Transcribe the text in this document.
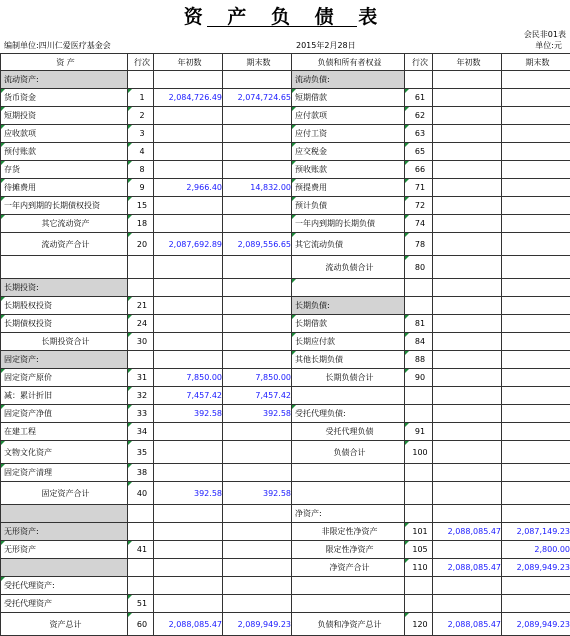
资 产 负 债 表
会民非01表
编制单位:四川仁爱医疗基金会	2015年2月28日	单位:元
资 产	行次	年初数	期末数	负债和所有者权益	行次	年初数	期末数
流动资产:				流动负债:			
货币资金	1	2,084,726.49	2,074,724.65	短期借款	61		
短期投资	2			应付款项	62		
应收款项	3			应付工资	63		
预付账款	4			应交税金	65		
存货	8			预收账款	66		
待摊费用	9	2,966.40	14,832.00	预提费用	71		
一年内到期的长期债权投资	15			预计负债	72		
其它流动资产	18			一年内到期的长期负债	74		
流动资产合计	20	2,087,692.89	2,089,556.65	其它流动负债	78		
				流动负债合计	80		
长期投资:							
长期股权投资	21			长期负债:			
长期债权投资	24			长期借款	81		
长期投资合计	30			长期应付款	84		
固定资产:				其他长期负债	88		
固定资产原价	31	7,850.00	7,850.00	长期负债合计	90		
减：累计折旧	32	7,457.42	7,457.42				
固定资产净值	33	392.58	392.58	受托代理负债:			
在建工程	34			受托代理负债	91		
文物文化资产	35			负债合计	100		
固定资产清理	38						
固定资产合计	40	392.58	392.58				
				净资产:			
无形资产:				非限定性净资产	101	2,088,085.47	2,087,149.23
无形资产	41			限定性净资产	105		2,800.00
				净资产合计	110	2,088,085.47	2,089,949.23
受托代理资产:							
受托代理资产	51						
资产总计	60	2,088,085.47	2,089,949.23	负债和净资产总计	120	2,088,085.47	2,089,949.23
